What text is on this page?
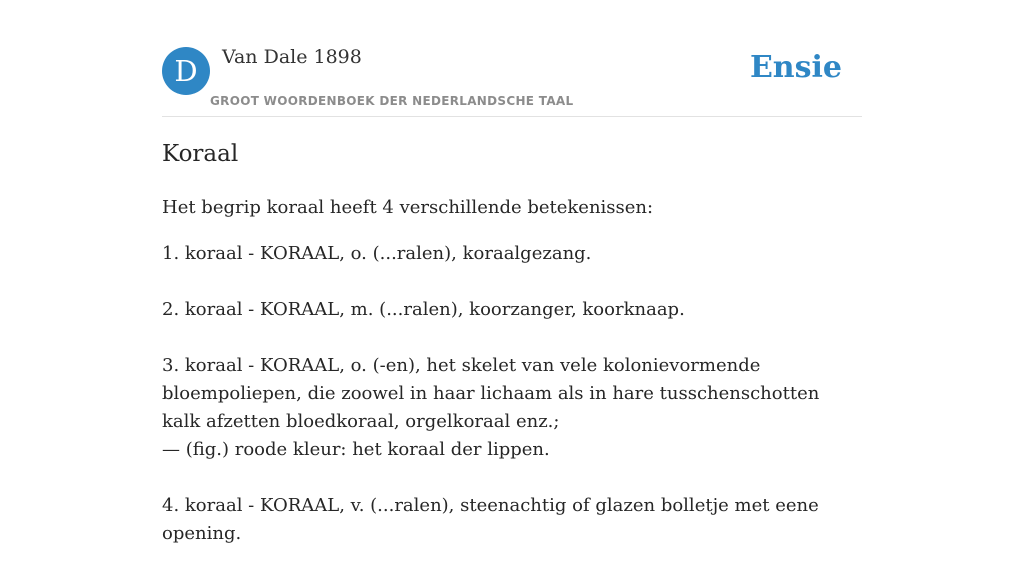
D	Van Dale 1898
GROOT WOORDENBOEK DER NEDERLANDSCHE TAAL
Ensie
Koraal

Het begrip koraal heeft 4 verschillende betekenissen:

1. koraal - KORAAL, o. (...ralen), koraalgezang.
2. koraal - KORAAL, m. (...ralen), koorzanger, koorknaap.
3. koraal - KORAAL, o. (-en), het skelet van vele kolonievormende bloempoliepen, die zoowel in haar lichaam als in hare tusschenschotten kalk afzetten bloedkoraal, orgelkoraal enz.;
— (fig.) roode kleur: het koraal der lippen.
4. koraal - KORAAL, v. (...ralen), steenachtig of glazen bolletje met eene opening.
